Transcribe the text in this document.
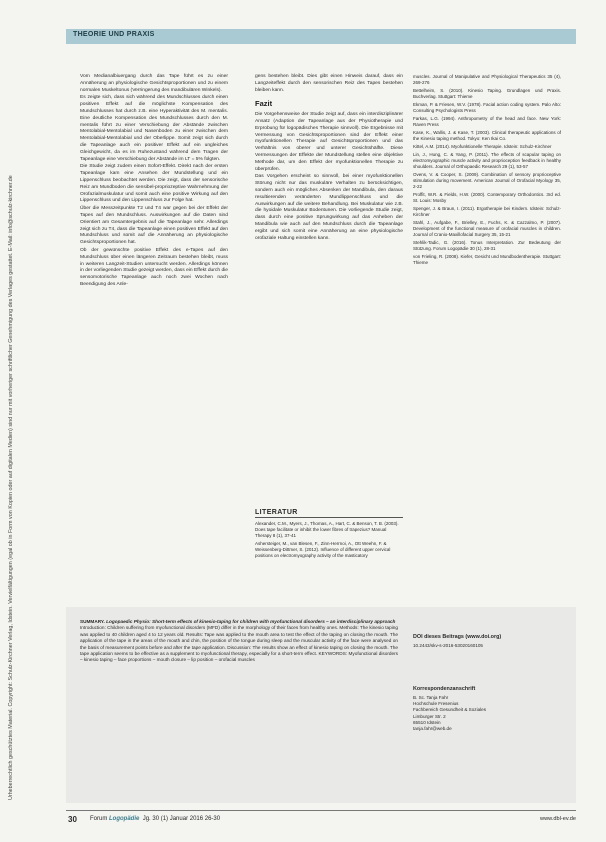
THEORIE UND PRAXIS
Urheberrechtlich geschütztes Material. Copyright: Schulz-Kirchner Verlag, Idstein. Vervielfältigungen (egal ob in Form von Kopien oder auf digitalen Medien) sind nur mit vorheriger schriftlicher Genehmigung des Verlages gestattet. E-Mail: info@schulz-kirchner.de

Vom Medianalbiuergang durch das Tape führt es zu einer Annäherung an physiologische Gesichtsproportionen und zu einem normalen Muskeltonus (Verringerung des mandibulären Winkels).

Es zeigte sich, dass sich während des Mundschlusses durch einen positiven Effekt auf die möglichste Kompensation des Mundschlusses hat durch z.B. eine Hyperaktivität des M. mentalis. Eine deutliche Kompensation des Mundschlusses durch den M. mentalis führt zu einer Verschiebung der Abstände zwischen Mentolabial-Mentolabial und Nasenboden zu einer zwischen dem Mentolabial-Mentolabial und der Oberlippe. Somit zeigt sich durch die Tapeanlage auch ein positiver Effekt auf ein ungleiches Gleichgewicht, da es im Ruhezustand während dem Tragen der Tapeanlage eine Verschiebung der Abstände im LT = 5% folgten.

Die Studie zeigt zudem einen Sofort-Effekt. Direkt nach der ersten Tapeanlage kam eine Ansehen der Mundstellung und ein Lippenschluss beobachtet werden. Die zeigt, dass der sensorische Reiz am Mundboden die sensibel-propriozeptive Wahrnehmung der Orofazialmuskulatur und somit auch eine positive Wirkung auf den Lippenschluss und den Lippenschluss zur Folge hat.

Über die Messzeitpunkte T2 und T4 war gegen bei der Effekt der Tapes auf den Mundschluss. Auswirkungen auf die Daten sind Orientiert am Gesamtergebnis auf die Tapeanlage sehr. Allerdings zeigt sich zu T4, dass die Tapeanlage einen positiven Effekt auf den Mundschluss und somit auf die Annäherung an physiologische Gesichtsproportionen hat.

Ob der gewünschte positive Effekt des e-Tapes auf den Mundschluss über einen längeren Zeitraum bestehen bleibt, muss in weiteren Langzeit-Studien untersucht werden. Allerdings können in der vorliegenden Studie gezeigt werden, dass ein Effekt durch die sensomotorische Tapeanlage auch noch zwei Wochen nach Beendigung des Anle-

gens bestehen bleibt. Dies gibt einen Hinweis darauf, dass ein Langzeiteffekt durch den sensorischen Reiz des Tapes bestehen bleiben kann.

Fazit

Die Vorgehensweise der Studie zeigt auf, dass ein interdisziplinärer Ansatz (Adaption der Tapeanlage aus der Physiotherapie und Erprobung für logopädisches Therapie sinnvoll). Die Ergebnisse mit Vermessung von Gesichtsproportionen sind der Effekt einer myofunktionellen Therapie auf Gesichtsproportionen und das Verhältnis von oberer und unterer Gesichtshälfte. Diese Vermessungen der Effekte der Mundstellung stellen eine objektive Methode dar, um den Effekt der myofunktionellen Therapie zu überprüfen.

Das Vorgehen erscheint so sinnvoll, bei einer myofunktionellen Störung nicht nur das muskuläre Verhalten zu berücksichtigen, sondern auch ein mögliches Absenken der Mandibula, den daraus resultierenden veränderten Mundlippenschluss und die Auswirkungen auf die weitere Behandlung. Bei Muskulatur wie z.B. die hyoidale Muskulatur Bodentunen. Die vorliegende Studie zeigt, dass durch eine positive Sprungwirkung auf das Anheben der Mandibula wie auch auf den Mundschluss durch die Tapeanlage ergibt und sich somit eine Annäherung an eine physiologische orofaziale Haltung einstellen kann.

LITERATUR

Alexander, C.M., Myers, J., Thomas, A., Hart, C. & Benson, T. B. (2003). Does tape facilitate or inhibit the lower fibres of trapezius? Manual Therapy 8 (1), 37-41

Ashersteiger, M., van Blesen, F., Zinn-Herrnoi, A., Ott Weehn, F. & Weissenberg-Dittmer, S. (2012). Influence of different upper cervical positions on electromyography activity of the masticatory

muscles. Journal of Manipulative and Physiological Therapeutics 35 (4), 269-276

Bettelheim, S. (2010). Kinesio Taping. Grundlagen und Praxis. Buchverlag. Stuttgart: Thieme

Ekman, P. & Friesen, W.V. (1978). Facial action coding system. Palo Alto: Consulting Psychologists Press

Farkas, L.G. (1994). Anthropometry of the head and face. New York: Raven Press

Kase, K., Wallis, J. & Kase, T. (2003). Clinical therapeutic applications of the Kinesio taping method. Tokyo: Ken Ikai Co.

Kittel, A.M. (2014). Myofunktionelle Therapie. Idstein: Schulz-Kirchner

Lin, J., Hung, C. & Yang, P. (2011). The effects of scapular taping on electromyographic muscle activity and proprioception feedback in healthy shoulders. Journal of Orthopaedic Research 29 (1), 53-57

Ovens, V. & Cooper, S. (2009). Combination of sensory proprioceptive stimulation during movement. American Journal of Orofacial Myology 35, 2-22

Proffit, W.R. & Fields, H.W. (2000). Contemporary Orthodontics. 3rd ed. St. Louis: Mosby

Spenger, J. & Braun, I. (2011). Ergotherapie bei Kindern. Idstein: Schulz-Kirchner

Stahl, J., Aufgabe, F., Brielley, E., Fuchs, K. & Cazzalmo, P. (2007). Development of the functional measure of orofacial muscles in children. Journal of Cranio-Maxillofacial Surgery 35, 15-21

Stehlik-Tadic, G. (2016). Tonus Interpretation. Zur Bedeutung der Stützung. Forum Logopädie 30 (1), 28-31

von Frieling, R. (2008). Kiefer, Gesicht und Mundbodentherapie. Stuttgart: Thieme

SUMMARY. Logopaedic Physio: Short-term effects of kinesio-taping for children with myofunctional disorders – an interdisciplinary approach
Introduction: Children suffering from myofunctional disorders (MFD) differ in the morphology of their faces from healthy ones. Methods: The kinesio taping was applied to 40 children aged 4 to 12 years old. Results: Tape was applied to the mouth area to test the effect of the taping on closing the mouth. The application of the tape in the areas of the mouth and chin, the position of the tongue during sleep and the muscular activity of the face were analysed on the basis of measurement points before and after the tape application. Discussion: The results show an effect of kinesio taping on closing the mouth. The tape application seems to be effective as a supplement to myofunctional therapy, especially for a short-term effect. KEYWORDS: Myofunctional disorders – kinesio taping – face proportions – mouth closure – lip position – orofacial muscles
DOI dieses Beitrags (www.doi.org)
10.2443/skv-s-2016-53020160105
Korrespondenzanschrift
B. Sc. Tanja Fahr
Hochschule Fresenius
Fachbereich Gesundheit & Soziales
Limburger Str. 2
65510 Idstein
tanja.fahr@web.de
30 Forum Logopädie Jg. 30 (1) Januar 2016 26-30	www.dbl-ev.de
